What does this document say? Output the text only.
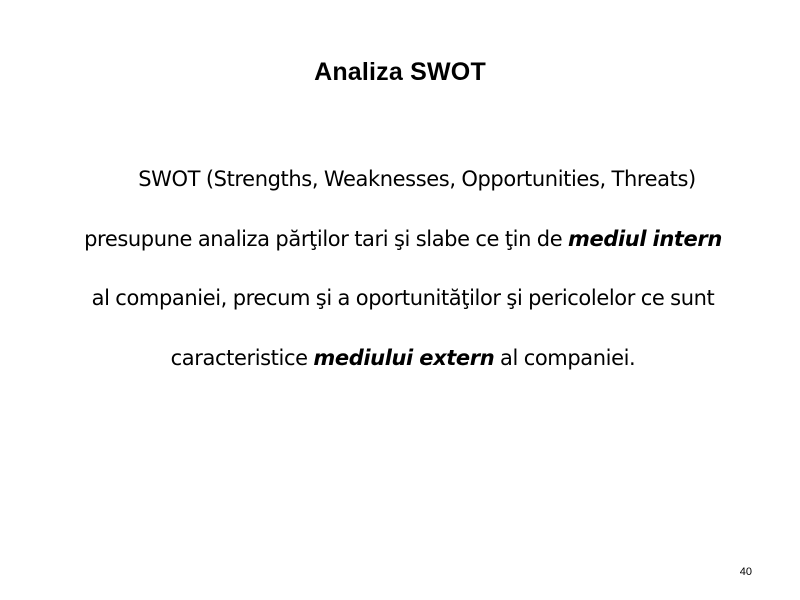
Analiza SWOT
SWOT (Strengths, Weaknesses, Opportunities, Threats) presupune analiza părţilor tari şi slabe ce ţin de mediul intern al companiei, precum şi a oportunităţilor şi pericolelor ce sunt caracteristice mediului extern al companiei.
40
